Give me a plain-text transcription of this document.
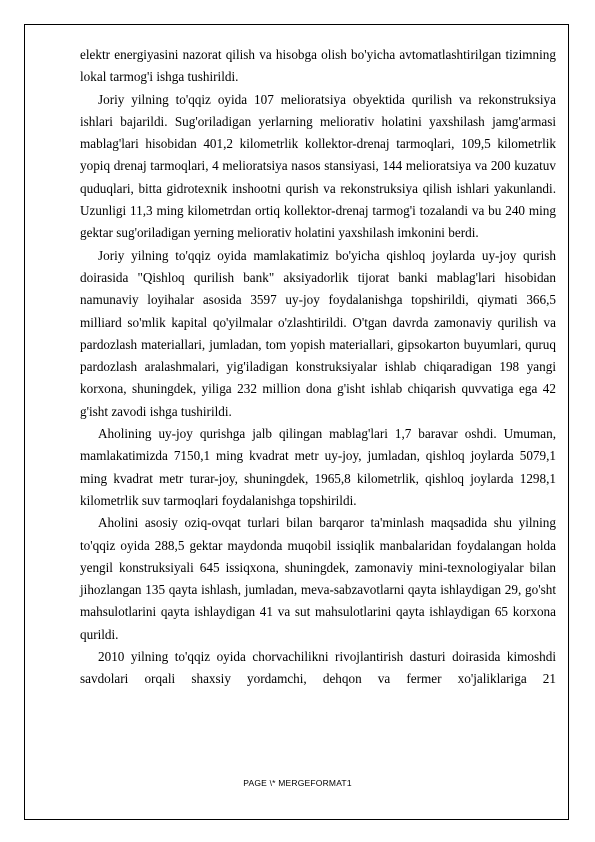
elektr energiyasini nazorat qilish va hisobga olish bo'yicha avtomatlashtirilgan tizimning lokal tarmog'i ishga tushirildi.

Joriy yilning to'qqiz oyida 107 melioratsiya obyektida qurilish va rekonstruksiya ishlari bajarildi. Sug'oriladigan yerlarning meliorativ holatini yaxshilash jamg'armasi mablag'lari hisobidan 401,2 kilometrlik kollektor-drenaj tarmoqlari, 109,5 kilometrlik yopiq drenaj tarmoqlari, 4 melioratsiya nasos stansiyasi, 144 melioratsiya va 200 kuzatuv quduqlari, bitta gidrotexnik inshootni qurish va rekonstruksiya qilish ishlari yakunlandi. Uzunligi 11,3 ming kilometrdan ortiq kollektor-drenaj tarmog'i tozalandi va bu 240 ming gektar sug'oriladigan yerning meliorativ holatini yaxshilash imkonini berdi.

Joriy yilning to'qqiz oyida mamlakatimiz bo'yicha qishloq joylarda uy-joy qurish doirasida "Qishloq qurilish bank" aksiyadorlik tijorat banki mablag'lari hisobidan namunaviy loyihalar asosida 3597 uy-joy foydalanishga topshirildi, qiymati 366,5 milliard so'mlik kapital qo'yilmalar o'zlashtirildi. O'tgan davrda zamonaviy qurilish va pardozlash materiallari, jumladan, tom yopish materiallari, gipsokarton buyumlari, quruq pardozlash aralashmalari, yig'iladigan konstruksiyalar ishlab chiqaradigan 198 yangi korxona, shuningdek, yiliga 232 million dona g'isht ishlab chiqarish quvvatiga ega 42 g'isht zavodi ishga tushirildi.

Aholining uy-joy qurishga jalb qilingan mablag'lari 1,7 baravar oshdi. Umuman, mamlakatimizda 7150,1 ming kvadrat metr uy-joy, jumladan, qishloq joylarda 5079,1 ming kvadrat metr turar-joy, shuningdek, 1965,8 kilometrlik, qishloq joylarda 1298,1 kilometrlik suv tarmoqlari foydalanishga topshirildi.

Aholini asosiy oziq-ovqat turlari bilan barqaror ta'minlash maqsadida shu yilning to'qqiz oyida 288,5 gektar maydonda muqobil issiqlik manbalaridan foydalangan holda yengil konstruksiyali 645 issiqxona, shuningdek, zamonaviy mini-texnologiyalar bilan jihozlangan 135 qayta ishlash, jumladan, meva-sabzavotlarni qayta ishlaydigan 29, go'sht mahsulotlarini qayta ishlaydigan 41 va sut mahsulotlarini qayta ishlaydigan 65 korxona qurildi.

2010 yilning to'qqiz oyida chorvachilikni rivojlantirish dasturi doirasida kimoshdi savdolari orqali shaxsiy yordamchi, dehqon va fermer xo'jaliklariga 21

PAGE \* MERGEFORMAT1
